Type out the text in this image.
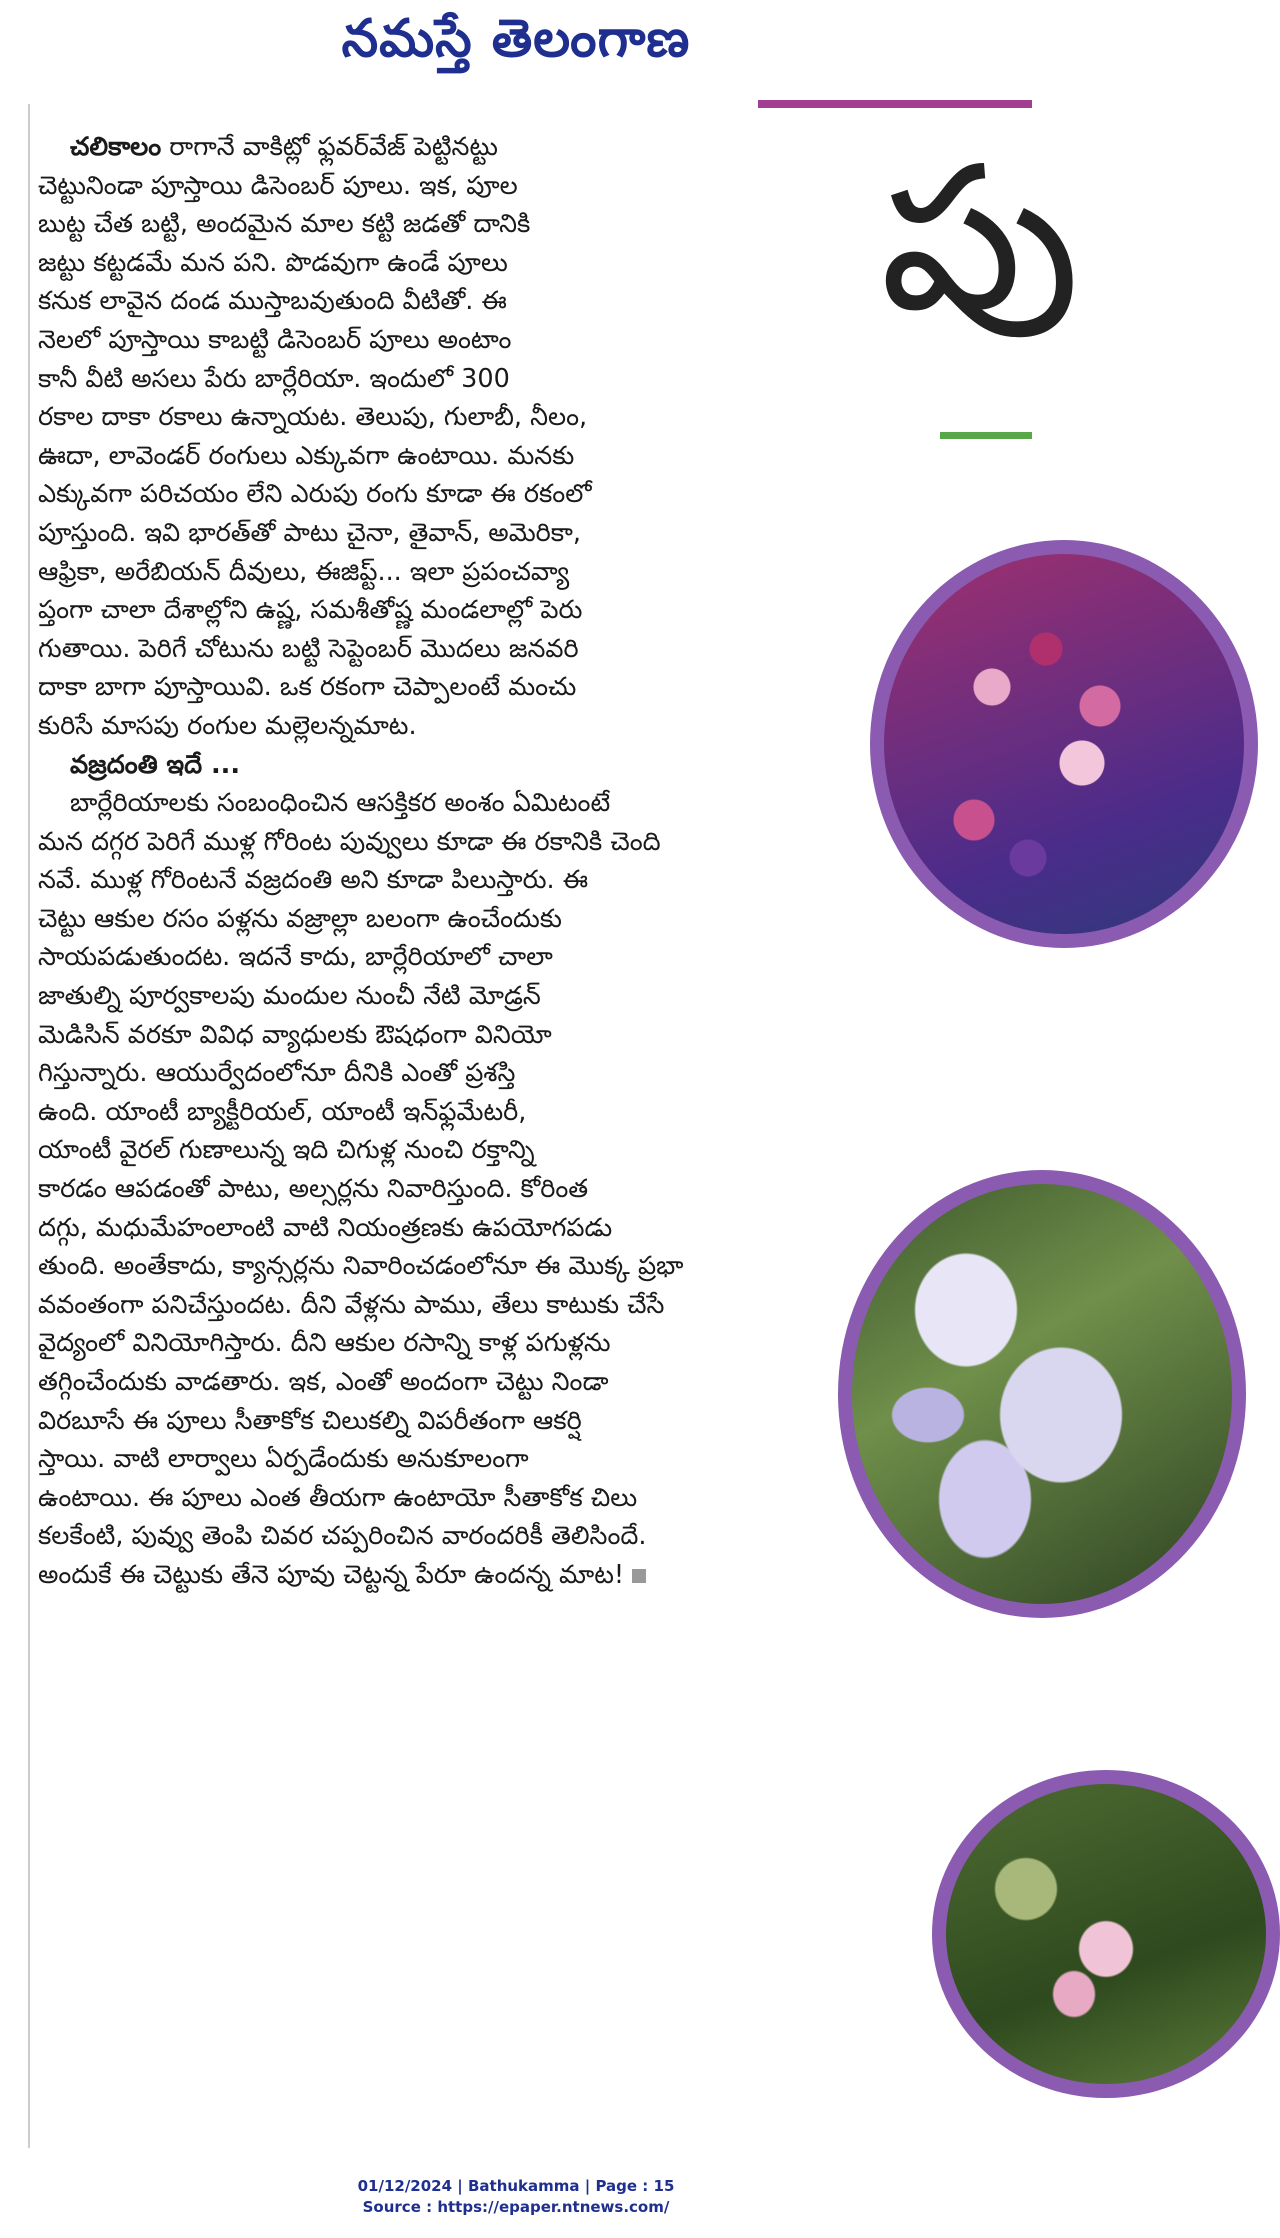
నమస్తే తెలంగాణ
పు
చలికాలం రాగానే వాకిట్లో ఫ్లవర్‌వేజ్ పెట్టినట్టు
చెట్టునిండా పూస్తాయి డిసెంబర్ పూలు. ఇక, పూల
బుట్ట చేత బట్టి, అందమైన మాల కట్టి జడతో దానికి
జట్టు కట్టడమే మన పని. పొడవుగా ఉండే పూలు
కనుక లావైన దండ ముస్తాబవుతుంది వీటితో. ఈ
నెలలో పూస్తాయి కాబట్టి డిసెంబర్ పూలు అంటాం
కానీ వీటి అసలు పేరు బార్లేరియా. ఇందులో 300
రకాల దాకా రకాలు ఉన్నాయట. తెలుపు, గులాబీ, నీలం,
ఊదా, లావెండర్ రంగులు ఎక్కువగా ఉంటాయి. మనకు
ఎక్కువగా పరిచయం లేని ఎరుపు రంగు కూడా ఈ రకంలో
పూస్తుంది. ఇవి భారత్‌తో పాటు చైనా, తైవాన్, అమెరికా,
ఆఫ్రికా, అరేబియన్ దీవులు, ఈజిప్ట్... ఇలా ప్రపంచవ్యా
ప్తంగా చాలా దేశాల్లోని ఉష్ణ, సమశీతోష్ణ మండలాల్లో పెరు
గుతాయి. పెరిగే చోటును బట్టి సెప్టెంబర్ మొదలు జనవరి
దాకా బాగా పూస్తాయివి. ఒక రకంగా చెప్పాలంటే మంచు
కురిసే మాసపు రంగుల మల్లెలన్నమాట.
వజ్రదంతి ఇదే ...
బార్లేరియాలకు సంబంధించిన ఆసక్తికర అంశం ఏమిటంటే
మన దగ్గర పెరిగే ముళ్ల గోరింట పువ్వులు కూడా ఈ రకానికి చెంది
నవే. ముళ్ల గోరింటనే వజ్రదంతి అని కూడా పిలుస్తారు. ఈ
చెట్టు ఆకుల రసం పళ్లను వజ్రాల్లా బలంగా ఉంచేందుకు
సాయపడుతుందట. ఇదనే కాదు, బార్లేరియాలో చాలా
జాతుల్ని పూర్వకాలపు మందుల నుంచీ నేటి మోడ్రన్
మెడిసిన్ వరకూ వివిధ వ్యాధులకు ఔషధంగా వినియో
గిస్తున్నారు. ఆయుర్వేదంలోనూ దీనికి ఎంతో ప్రశస్తి
ఉంది. యాంటీ బ్యాక్టీరియల్, యాంటీ ఇన్‌ఫ్లమేటరీ,
యాంటీ వైరల్ గుణాలున్న ఇది చిగుళ్ల నుంచి రక్తాన్ని
కారడం ఆపడంతో పాటు, అల్సర్లను నివారిస్తుంది. కోరింత
దగ్గు, మధుమేహంలాంటి వాటి నియంత్రణకు ఉపయోగపడు
తుంది. అంతేకాదు, క్యాన్సర్లను నివారించడంలోనూ ఈ మొక్క ప్రభా
వవంతంగా పనిచేస్తుందట. దీని వేళ్లను పాము, తేలు కాటుకు చేసే
వైద్యంలో వినియోగిస్తారు. దీని ఆకుల రసాన్ని కాళ్ల పగుళ్లను
తగ్గించేందుకు వాడతారు. ఇక, ఎంతో అందంగా చెట్టు నిండా
విరబూసే ఈ పూలు సీతాకోక చిలుకల్ని విపరీతంగా ఆకర్షి
స్తాయి. వాటి లార్వాలు ఏర్పడేందుకు అనుకూలంగా
ఉంటాయి. ఈ పూలు ఎంత తీయగా ఉంటాయో సీతాకోక చిలు
కలకేంటి, పువ్వు తెంపి చివర చప్పరించిన వారందరికీ తెలిసిందే.
అందుకే ఈ చెట్టుకు తేనె పూవు చెట్టన్న పేరూ ఉందన్న మాట!
01/12/2024 | Bathukamma | Page : 15
Source : https://epaper.ntnews.com/
